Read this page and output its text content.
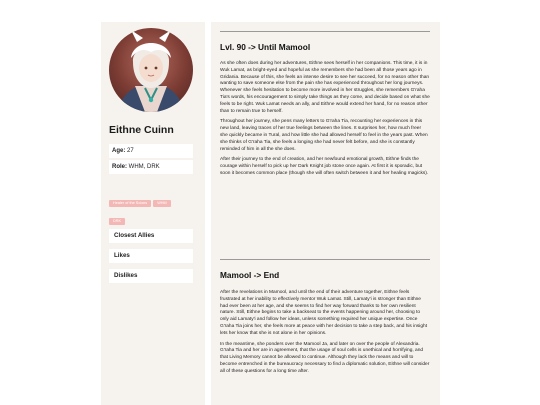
Eithne Cuinn
Age: 27
Role: WHM, DRK
Healer of the Scions	WHM
DRK
Closest Allies
Likes
Dislikes
Lvl. 90 -> Until Mamool

As she often does during her adventures, Eithne sees herself in her companions. This time, it is in Wuk Lamat, as bright-eyed and hopeful as she remembers she had been all those years ago in Gridania. Because of this, she feels an intense desire to see her succeed, for no reason other than wanting to save someone else from the pain she has experienced throughout her long journeys. Whenever she feels hesitation to become more involved in her struggles, she remembers G'raha Tia's words, his encouragement to simply take things as they come, and decide based on what she feels to be right. Wuk Lamat needs an ally, and Eithne would extend her hand, for no reason other than to remain true to herself.

Throughout her journey, she pens many letters to G'raha Tia, recounting her experiences in this new land, leaving traces of her true feelings between the lines. It surprises her, how much freer she quickly became in Tural, and how little she had allowed herself to feel in the years past. When she thinks of G'raha Tia, she feels a longing she had never felt before, and she is constantly reminded of him in all the she does.

After their journey to the end of creation, and her newfound emotional growth, Eithne finds the courage within herself to pick up her Dark Knight job stone once again. At first it is sporadic, but soon it becomes common place (though she will often switch between it and her healing magicks).

Mamool -> End

After the revelations in Mamool, and until the end of their adventure together, Eithne feels frustrated at her inability to effectively mentor Wuk Lamat. Still, Lamaty'i is stronger than Eithne had ever been at her age, and she seems to find her way forward thanks to her own resilient nature. Still, Eithne begins to take a backseat to the events happening around her, choosing to only aid Lamaty'i and follow her ideas, unless something required her unique expertise. Once G'raha Tia joins her, she feels more at peace with her decision to take a step back, and his insight lets her know that she is not alone in her opinions.

In the meantime, she ponders over the Mamool Ja, and later on over the people of Alexandria. G'raha Tia and her are in agreement, that the usage of soul cells is unethical and horrifying, and that Living Memory cannot be allowed to continue. Although they lack the means and will to become entrenched in the bureaucracy necessary to find a diplomatic solution, Eithne will consider all of these questions for a long time after.
